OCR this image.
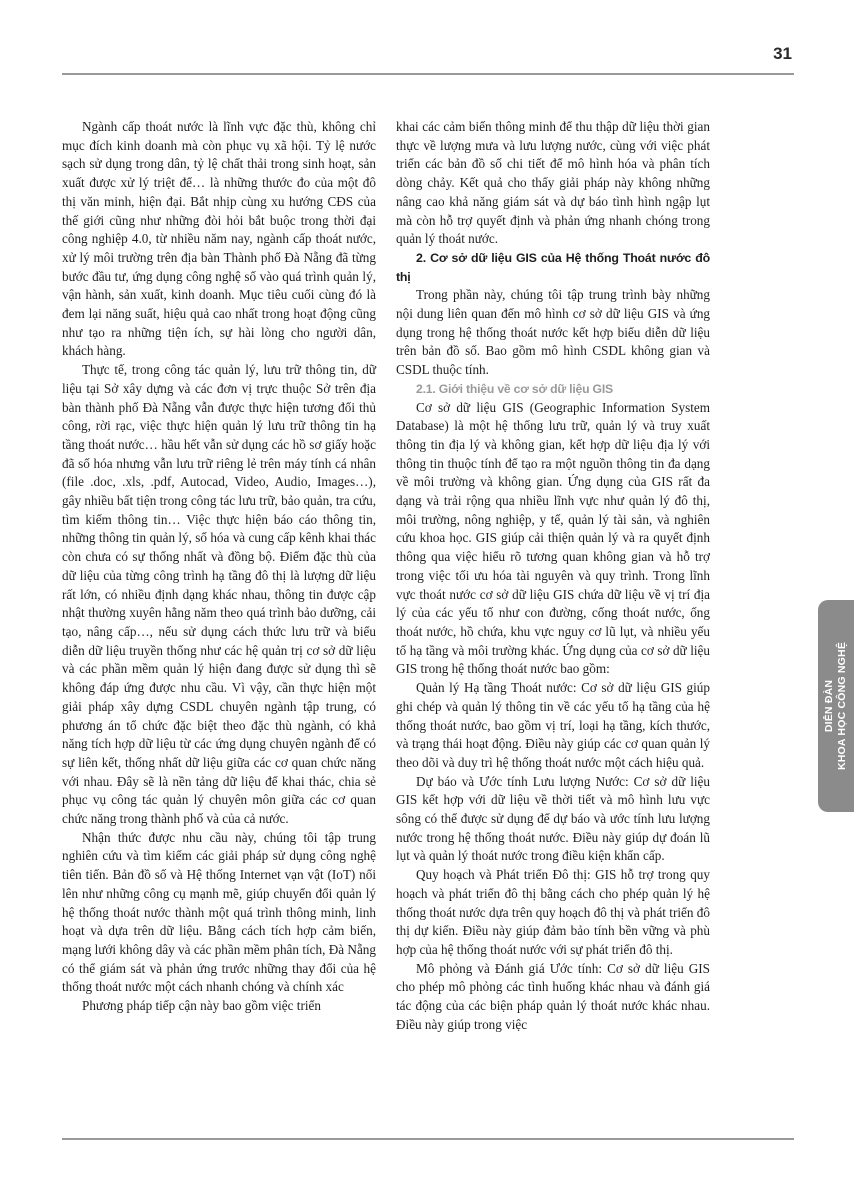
31
DIỄN ĐÀN KHOA HỌC CÔNG NGHỆ

Ngành cấp thoát nước là lĩnh vực đặc thù, không chỉ mục đích kinh doanh mà còn phục vụ xã hội. Tỷ lệ nước sạch sử dụng trong dân, tỷ lệ chất thải trong sinh hoạt, sản xuất được xử lý triệt để… là những thước đo của một đô thị văn minh, hiện đại. Bắt nhịp cùng xu hướng CĐS của thế giới cũng như những đòi hỏi bắt buộc trong thời đại công nghiệp 4.0, từ nhiều năm nay, ngành cấp thoát nước, xử lý môi trường trên địa bàn Thành phố Đà Nẵng đã từng bước đầu tư, ứng dụng công nghệ số vào quá trình quản lý, vận hành, sản xuất, kinh doanh. Mục tiêu cuối cùng đó là đem lại năng suất, hiệu quả cao nhất trong hoạt động cũng như tạo ra những tiện ích, sự hài lòng cho người dân, khách hàng.

Thực tế, trong công tác quản lý, lưu trữ thông tin, dữ liệu tại Sở xây dựng và các đơn vị trực thuộc Sở trên địa bàn thành phố Đà Nẵng vẫn được thực hiện tương đối thủ công, rời rạc, việc thực hiện quản lý lưu trữ thông tin hạ tầng thoát nước… hầu hết vẫn sử dụng các hồ sơ giấy hoặc đã số hóa nhưng vẫn lưu trữ riêng lẻ trên máy tính cá nhân (file .doc, .xls, .pdf, Autocad, Video, Audio, Images…), gây nhiều bất tiện trong công tác lưu trữ, bảo quản, tra cứu, tìm kiếm thông tin… Việc thực hiện báo cáo thông tin, những thông tin quản lý, số hóa và cung cấp kênh khai thác còn chưa có sự thống nhất và đồng bộ. Điểm đặc thù của dữ liệu của từng công trình hạ tầng đô thị là lượng dữ liệu rất lớn, có nhiều định dạng khác nhau, thông tin được cập nhật thường xuyên hằng năm theo quá trình bảo dưỡng, cải tạo, nâng cấp…, nếu sử dụng cách thức lưu trữ và biểu diễn dữ liệu truyền thống như các hệ quản trị cơ sở dữ liệu và các phần mềm quản lý hiện đang được sử dụng thì sẽ không đáp ứng được nhu cầu. Vì vậy, cần thực hiện một giải pháp xây dựng CSDL chuyên ngành tập trung, có phương án tổ chức đặc biệt theo đặc thù ngành, có khả năng tích hợp dữ liệu từ các ứng dụng chuyên ngành để có sự liên kết, thống nhất dữ liệu giữa các cơ quan chức năng với nhau. Đây sẽ là nền tảng dữ liệu để khai thác, chia sẻ phục vụ công tác quản lý chuyên môn giữa các cơ quan chức năng trong thành phố và của cả nước.

Nhận thức được nhu cầu này, chúng tôi tập trung nghiên cứu và tìm kiếm các giải pháp sử dụng công nghệ tiên tiến. Bản đồ số và Hệ thống Internet vạn vật (IoT) nổi lên như những công cụ mạnh mẽ, giúp chuyển đổi quản lý hệ thống thoát nước thành một quá trình thông minh, linh hoạt và dựa trên dữ liệu. Bằng cách tích hợp cảm biến, mạng lưới không dây và các phần mềm phân tích, Đà Nẵng có thể giám sát và phản ứng trước những thay đổi của hệ thống thoát nước một cách nhanh chóng và chính xác

Phương pháp tiếp cận này bao gồm việc triển

khai các cảm biến thông minh để thu thập dữ liệu thời gian thực về lượng mưa và lưu lượng nước, cùng với việc phát triển các bản đồ số chi tiết để mô hình hóa và phân tích dòng chảy. Kết quả cho thấy giải pháp này không những nâng cao khả năng giám sát và dự báo tình hình ngập lụt mà còn hỗ trợ quyết định và phản ứng nhanh chóng trong quản lý thoát nước.

2. Cơ sở dữ liệu GIS của Hệ thống Thoát nước đô thị

Trong phần này, chúng tôi tập trung trình bày những nội dung liên quan đến mô hình cơ sở dữ liệu GIS và ứng dụng trong hệ thống thoát nước kết hợp biểu diễn dữ liệu trên bản đồ số. Bao gồm mô hình CSDL không gian và CSDL thuộc tính.

2.1. Giới thiệu về cơ sở dữ liệu GIS

Cơ sở dữ liệu GIS (Geographic Information System Database) là một hệ thống lưu trữ, quản lý và truy xuất thông tin địa lý và không gian, kết hợp dữ liệu địa lý với thông tin thuộc tính để tạo ra một nguồn thông tin đa dạng về môi trường và không gian. Ứng dụng của GIS rất đa dạng và trải rộng qua nhiều lĩnh vực như quản lý đô thị, môi trường, nông nghiệp, y tế, quản lý tài sản, và nghiên cứu khoa học. GIS giúp cải thiện quản lý và ra quyết định thông qua việc hiểu rõ tương quan không gian và hỗ trợ trong việc tối ưu hóa tài nguyên và quy trình. Trong lĩnh vực thoát nước cơ sở dữ liệu GIS chứa dữ liệu về vị trí địa lý của các yếu tố như con đường, cống thoát nước, ống thoát nước, hồ chứa, khu vực nguy cơ lũ lụt, và nhiều yếu tố hạ tầng và môi trường khác. Ứng dụng của cơ sở dữ liệu GIS trong hệ thống thoát nước bao gồm:

Quản lý Hạ tầng Thoát nước: Cơ sở dữ liệu GIS giúp ghi chép và quản lý thông tin về các yếu tố hạ tầng của hệ thống thoát nước, bao gồm vị trí, loại hạ tầng, kích thước, và trạng thái hoạt động. Điều này giúp các cơ quan quản lý theo dõi và duy trì hệ thống thoát nước một cách hiệu quả.

Dự báo và Ước tính Lưu lượng Nước: Cơ sở dữ liệu GIS kết hợp với dữ liệu về thời tiết và mô hình lưu vực sông có thể được sử dụng để dự báo và ước tính lưu lượng nước trong hệ thống thoát nước. Điều này giúp dự đoán lũ lụt và quản lý thoát nước trong điều kiện khẩn cấp.

Quy hoạch và Phát triển Đô thị: GIS hỗ trợ trong quy hoạch và phát triển đô thị bằng cách cho phép quản lý hệ thống thoát nước dựa trên quy hoạch đô thị và phát triển đô thị dự kiến. Điều này giúp đảm bảo tính bền vững và phù hợp của hệ thống thoát nước với sự phát triển đô thị.

Mô phỏng và Đánh giá Ước tính: Cơ sở dữ liệu GIS cho phép mô phỏng các tình huống khác nhau và đánh giá tác động của các biện pháp quản lý thoát nước khác nhau. Điều này giúp trong việc
